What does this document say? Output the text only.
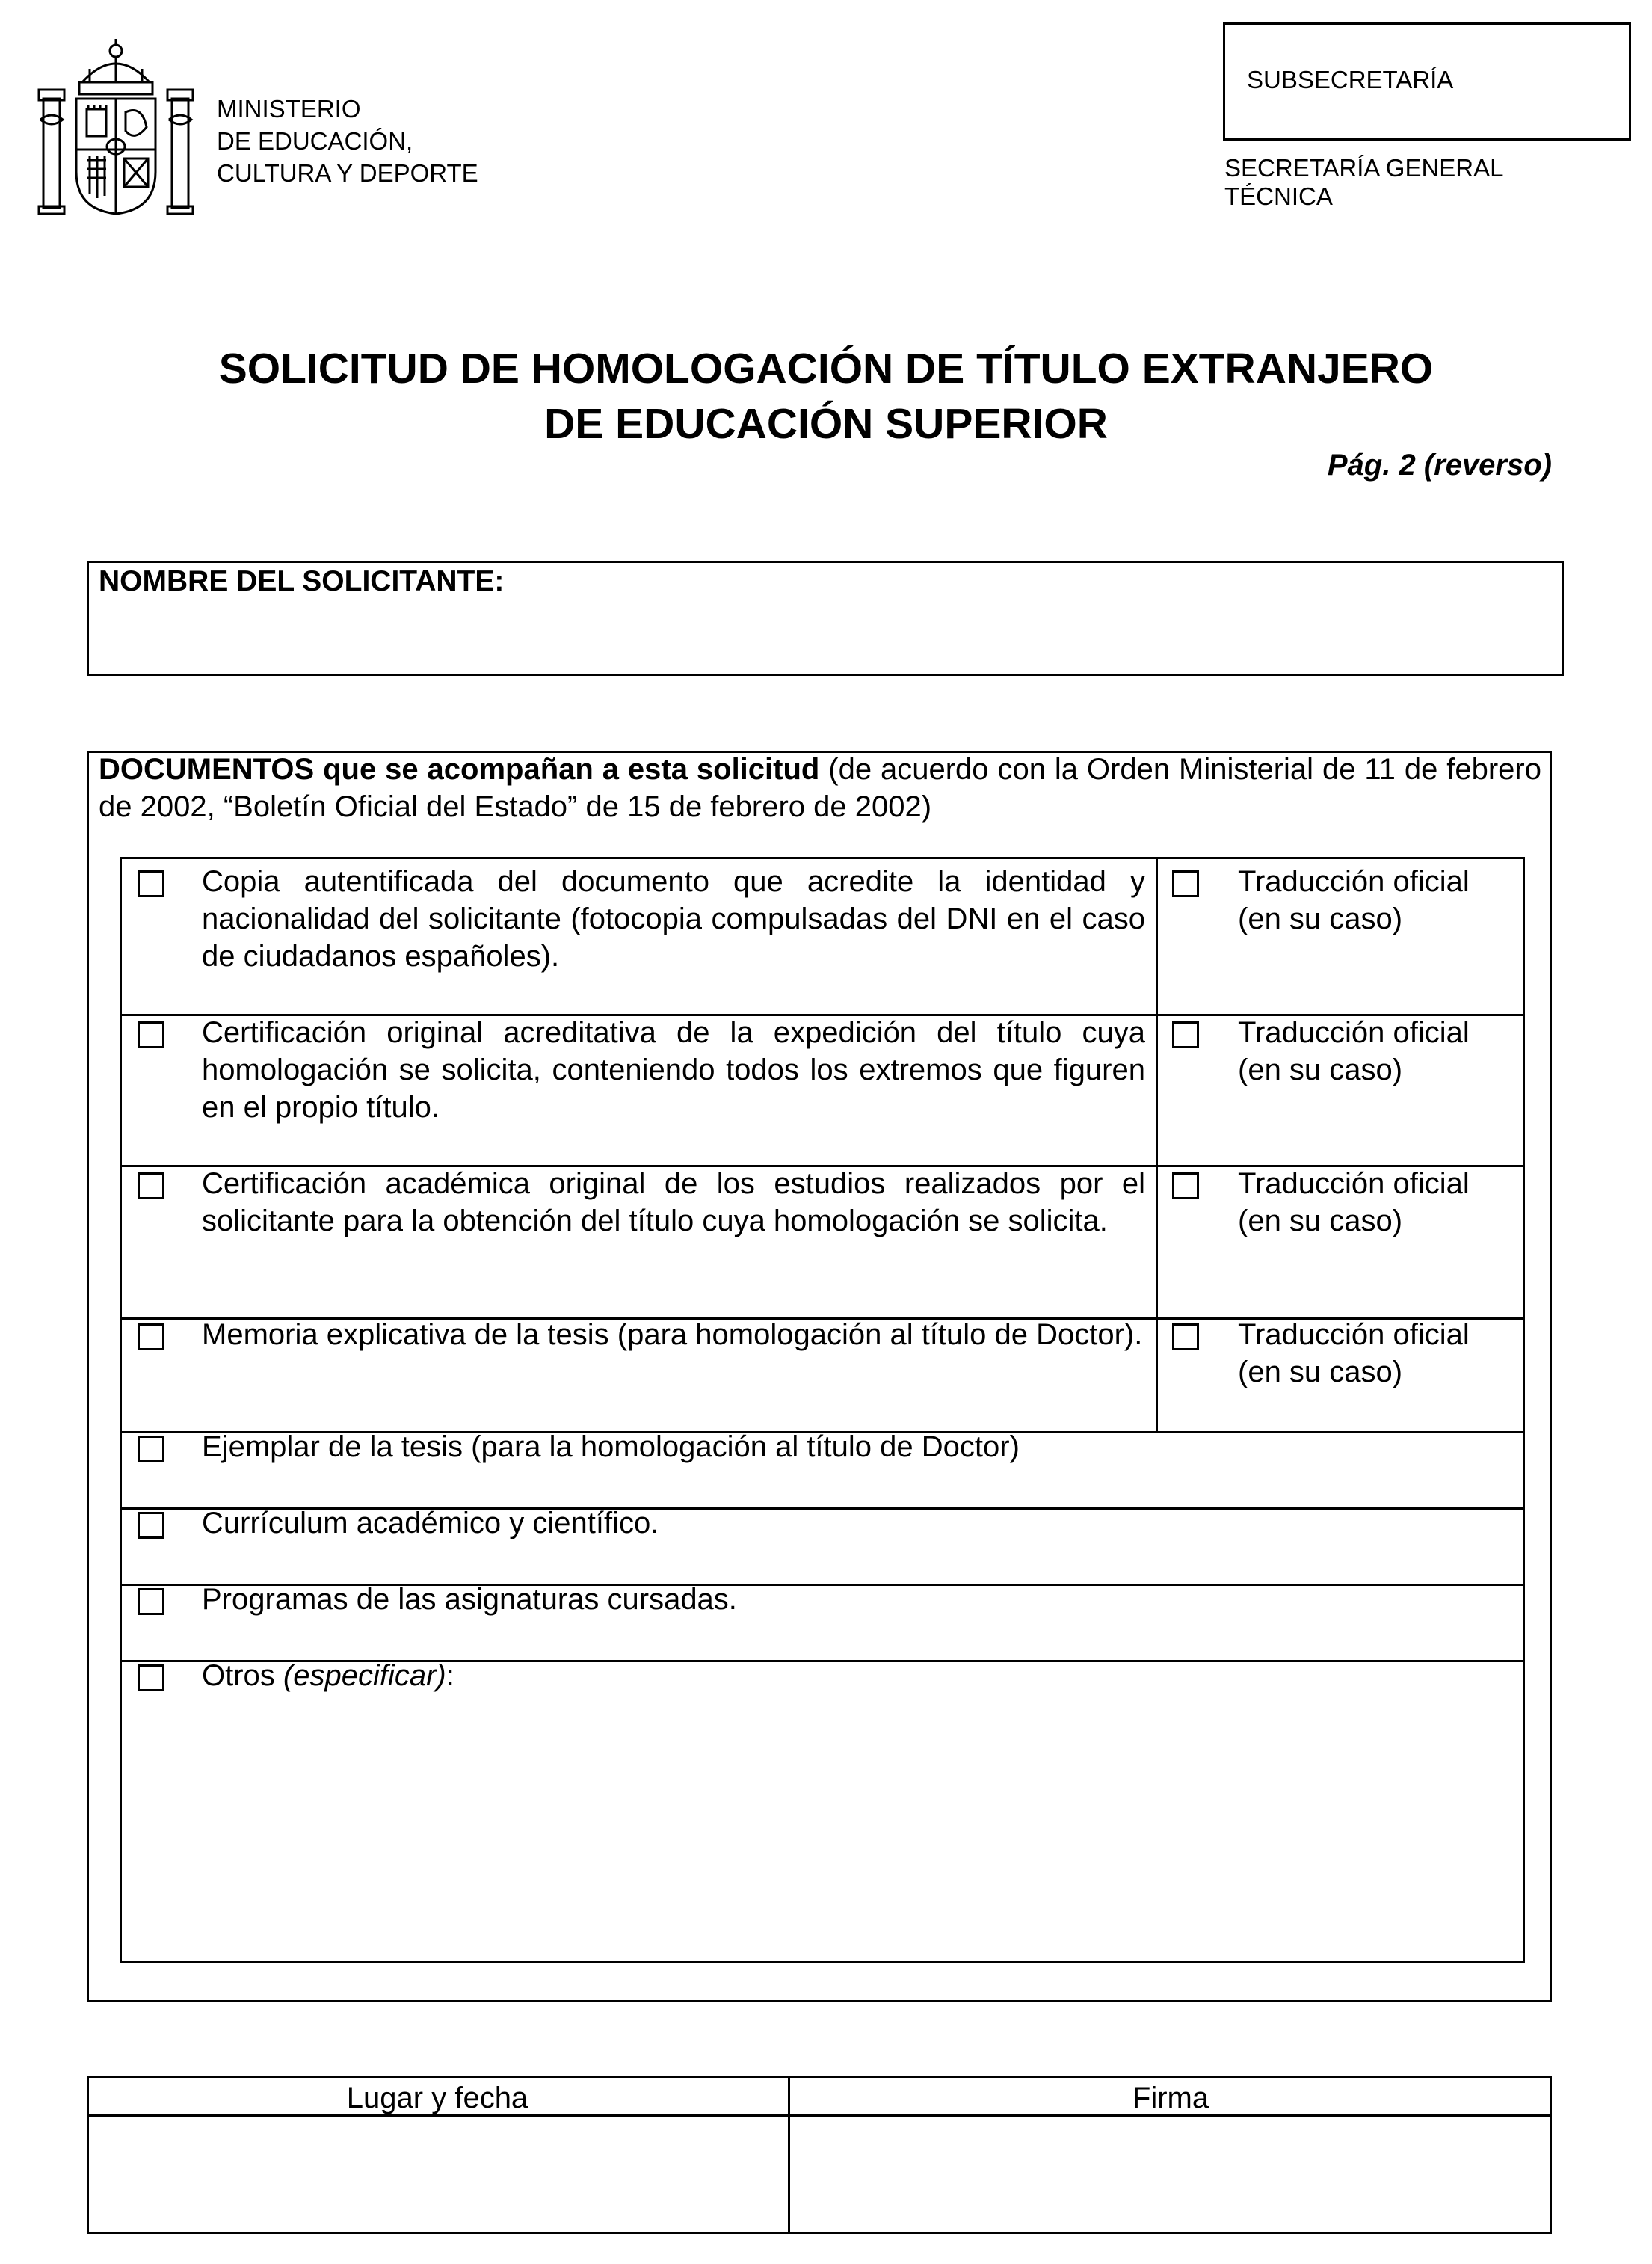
MINISTERIO
DE EDUCACIÓN,
CULTURA Y DEPORTE
SUBSECRETARÍA
SECRETARÍA GENERAL
TÉCNICA
SOLICITUD DE HOMOLOGACIÓN DE TÍTULO EXTRANJERO
DE EDUCACIÓN SUPERIOR
Pág. 2 (reverso)
NOMBRE DEL SOLICITANTE:
DOCUMENTOS que se acompañan a esta solicitud (de acuerdo con la Orden Ministerial de 11 de febrero de 2002, “Boletín Oficial del Estado” de 15 de febrero de 2002)
Copia autentificada del documento que acredite la identidad y nacionalidad del solicitante (fotocopia compulsadas del DNI en el caso de ciudadanos españoles).
Traducción oficial
(en su caso)
Certificación original acreditativa de la expedición del título cuya homologación se solicita, conteniendo todos los extremos que figuren en el propio título.
Traducción oficial
(en su caso)
Certificación académica original de los estudios realizados por el solicitante para la obtención del título cuya homologación se solicita.
Traducción oficial
(en su caso)
Memoria explicativa de la tesis (para homologación al título de Doctor).	Traducción oficial
(en su caso)
Ejemplar de la tesis (para la homologación al título de Doctor)
Currículum académico y científico.
Programas de las asignaturas cursadas.
Otros (especificar):
Lugar y fecha	Firma
